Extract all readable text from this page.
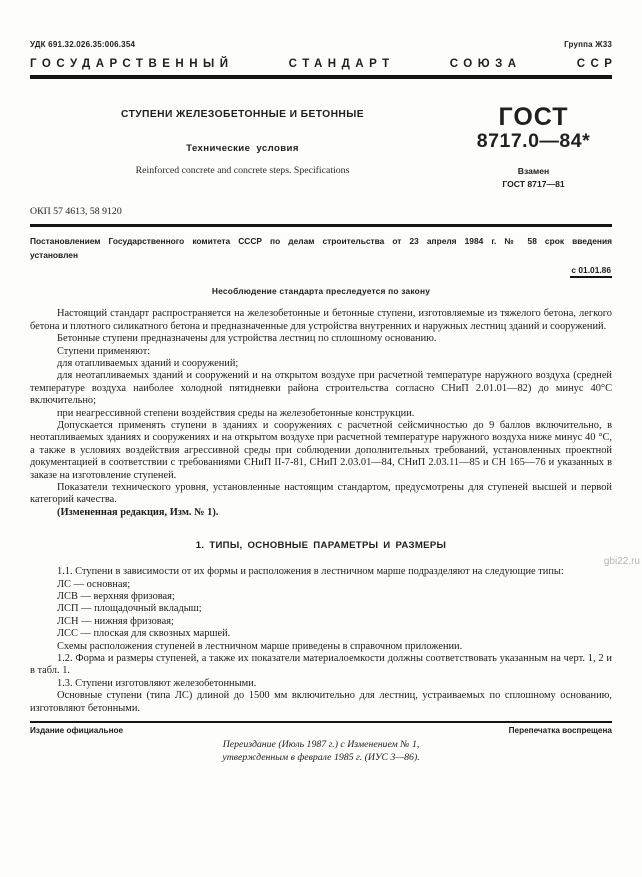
УДК 691.32.026.35:006.354	Группа Ж33
ГОСУДАРСТВЕННЫЙ	СТАНДАРТ	СОЮЗА	ССР
СТУПЕНИ ЖЕЛЕЗОБЕТОННЫЕ И БЕТОННЫЕ
Технические условия
Reinforced concrete and concrete steps. Specifications
ГОСТ
8717.0—84*
Взамен
ГОСТ 8717—81
ОКП 57 4613, 58 9120
Постановлением Государственного комитета СССР по делам строительства от 23 апреля 1984 г. № 58 срок введения
установлен
с 01.01.86
Несоблюдение стандарта преследуется по закону

Настоящий стандарт распространяется на железобетонные и бетонные ступени, изготовляемые из тяжелого бетона, легкого бетона и плотного силикатного бетона и предназначенные для устройства внутренних и наружных лестниц зданий и сооружений.

Бетонные ступени предназначены для устройства лестниц по сплошному основанию.

Ступени применяют:

для отапливаемых зданий и сооружений;

для неотапливаемых зданий и сооружений и на открытом воздухе при расчетной температуре наружного воздуха (средней температуре воздуха наиболее холодной пятидневки района строительства согласно СНиП 2.01.01—82) до минус 40°С включительно;

при неагрессивной степени воздействия среды на железобетонные конструкции.

Допускается применять ступени в зданиях и сооружениях с расчетной сейсмичностью до 9 баллов включительно, в неотапливаемых зданиях и сооружениях и на открытом воздухе при расчетной температуре наружного воздуха ниже минус 40 °С, а также в условиях воздействия агрессивной среды при соблюдении дополнительных требований, установленных проектной документацией в соответствии с требованиями СНиП II-7-81, СНиП 2.03.01—84, СНиП 2.03.11—85 и СН 165—76 и указанных в заказе на изготовление ступеней.

Показатели технического уровня, установленные настоящим стандартом, предусмотрены для ступеней высшей и первой категорий качества.

(Измененная редакция, Изм. № 1).

1. ТИПЫ, ОСНОВНЫЕ ПАРАМЕТРЫ И РАЗМЕРЫ

1.1. Ступени в зависимости от их формы и расположения в лестничном марше подразделяют на следующие типы:

ЛС — основная;

ЛСВ — верхняя фризовая;

ЛСП — площадочный вкладыш;

ЛСН — нижняя фризовая;

ЛСС — плоская для сквозных маршей.

Схемы расположения ступеней в лестничном марше приведены в справочном приложении.

1.2. Форма и размеры ступеней, а также их показатели материалоемкости должны соответствовать указанным на черт. 1, 2 и в табл. 1.

1.3. Ступени изготовляют железобетонными.

Основные ступени (типа ЛС) длиной до 1500 мм включительно для лестниц, устраиваемых по сплошному основанию, изготовляют бетонными.

Издание официальное	Перепечатка воспрещена
Переиздание (Июль 1987 г.) с Изменением № 1,
утвержденным в феврале 1985 г. (ИУС 3—86).
gbi22.ru
